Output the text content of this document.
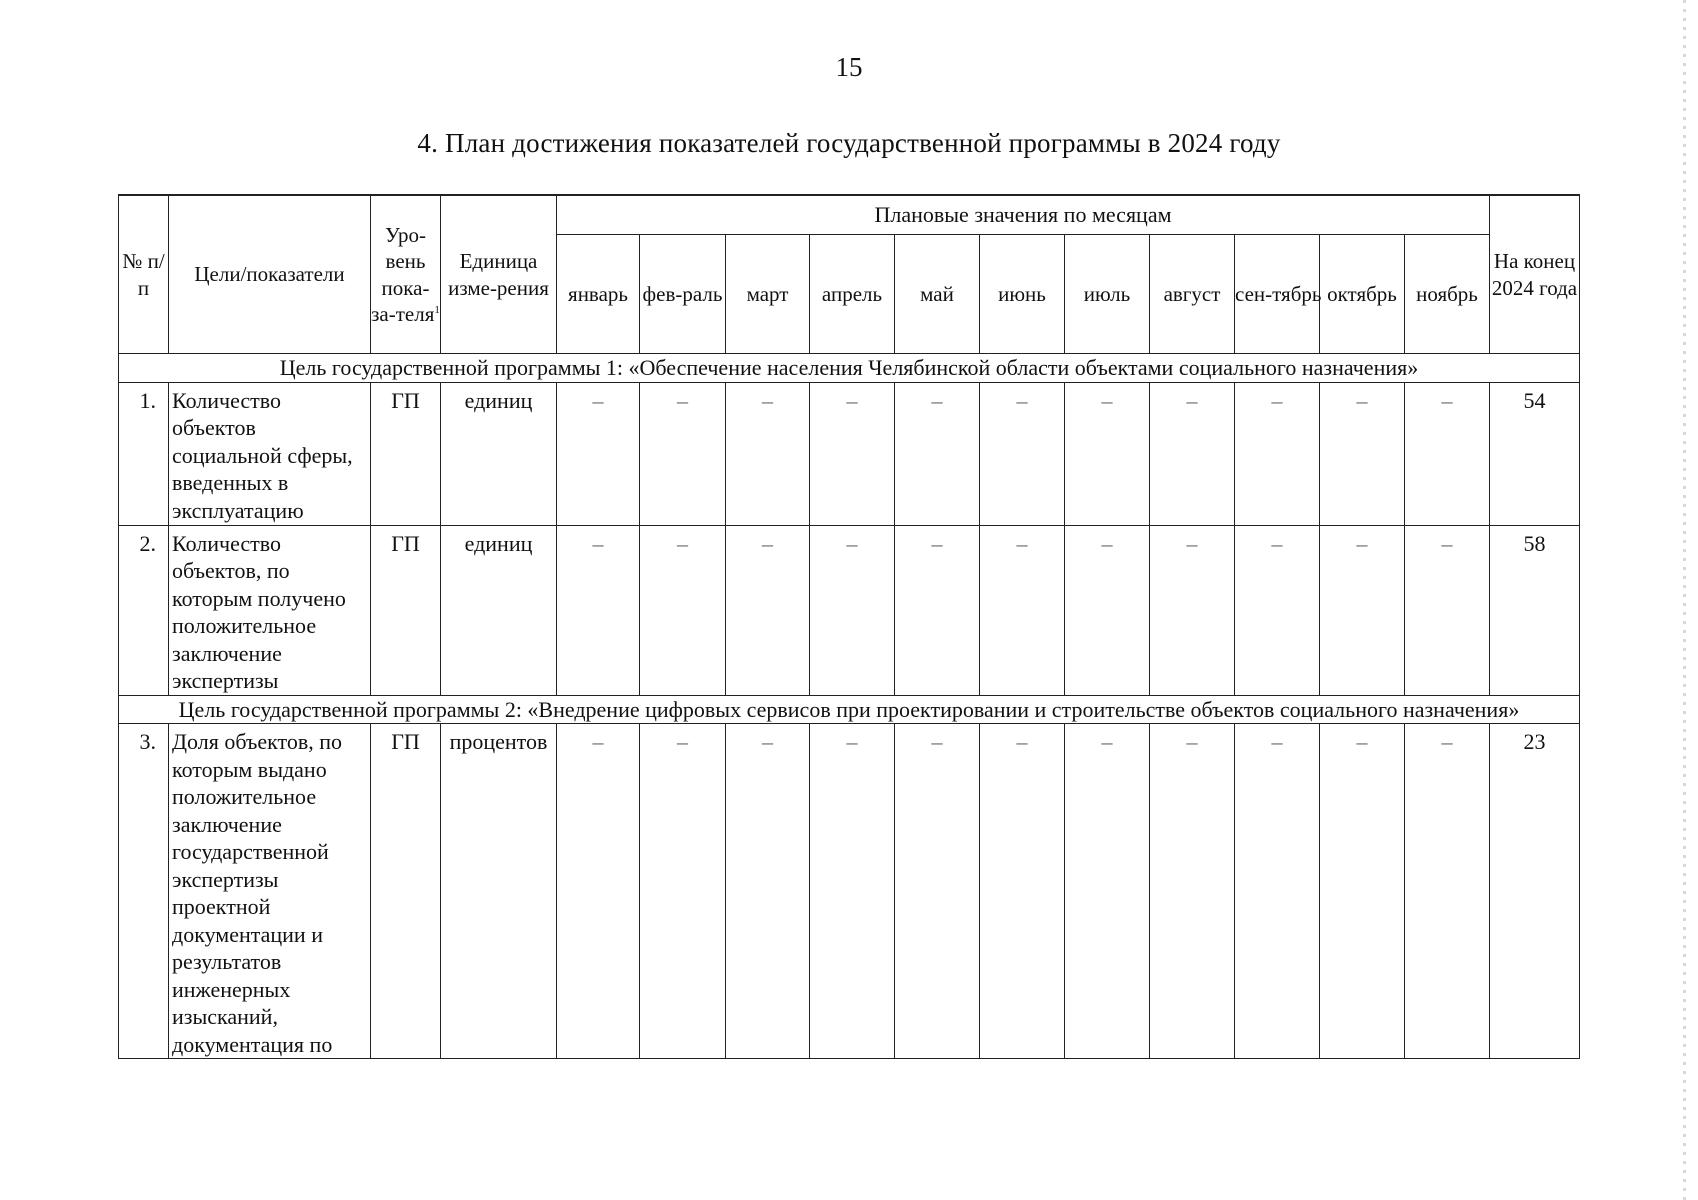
15
4. План достижения показателей государственной программы в 2024 году
№ п/п	Цели/показатели	Уро-вень пока-за-теля$^1$	Единица изме-рения	Плановые значения по месяцам											На конец 2024 года
				январь	фев-раль	март	апрель	май	июнь	июль	август	сен-тябрь	октябрь	ноябрь	
Цель государственной программы 1: «Обеспечение населения Челябинской области объектами социального назначения»															
1.	Количество объектов социальной сферы, введенных в эксплуатацию	ГП	единиц	–	–	–	–	–	–	–	–	–	–	–	54
2.	Количество объектов, по которым получено положительное заключение экспертизы	ГП	единиц	–	–	–	–	–	–	–	–	–	–	–	58
Цель государственной программы 2: «Внедрение цифровых сервисов при проектировании и строительстве объектов социального назначения»															
3.	Доля объектов, по которым выдано положительное заключение государственной экспертизы проектной документации и результатов инженерных изысканий, документация по	ГП	процентов	–	–	–	–	–	–	–	–	–	–	–	23
